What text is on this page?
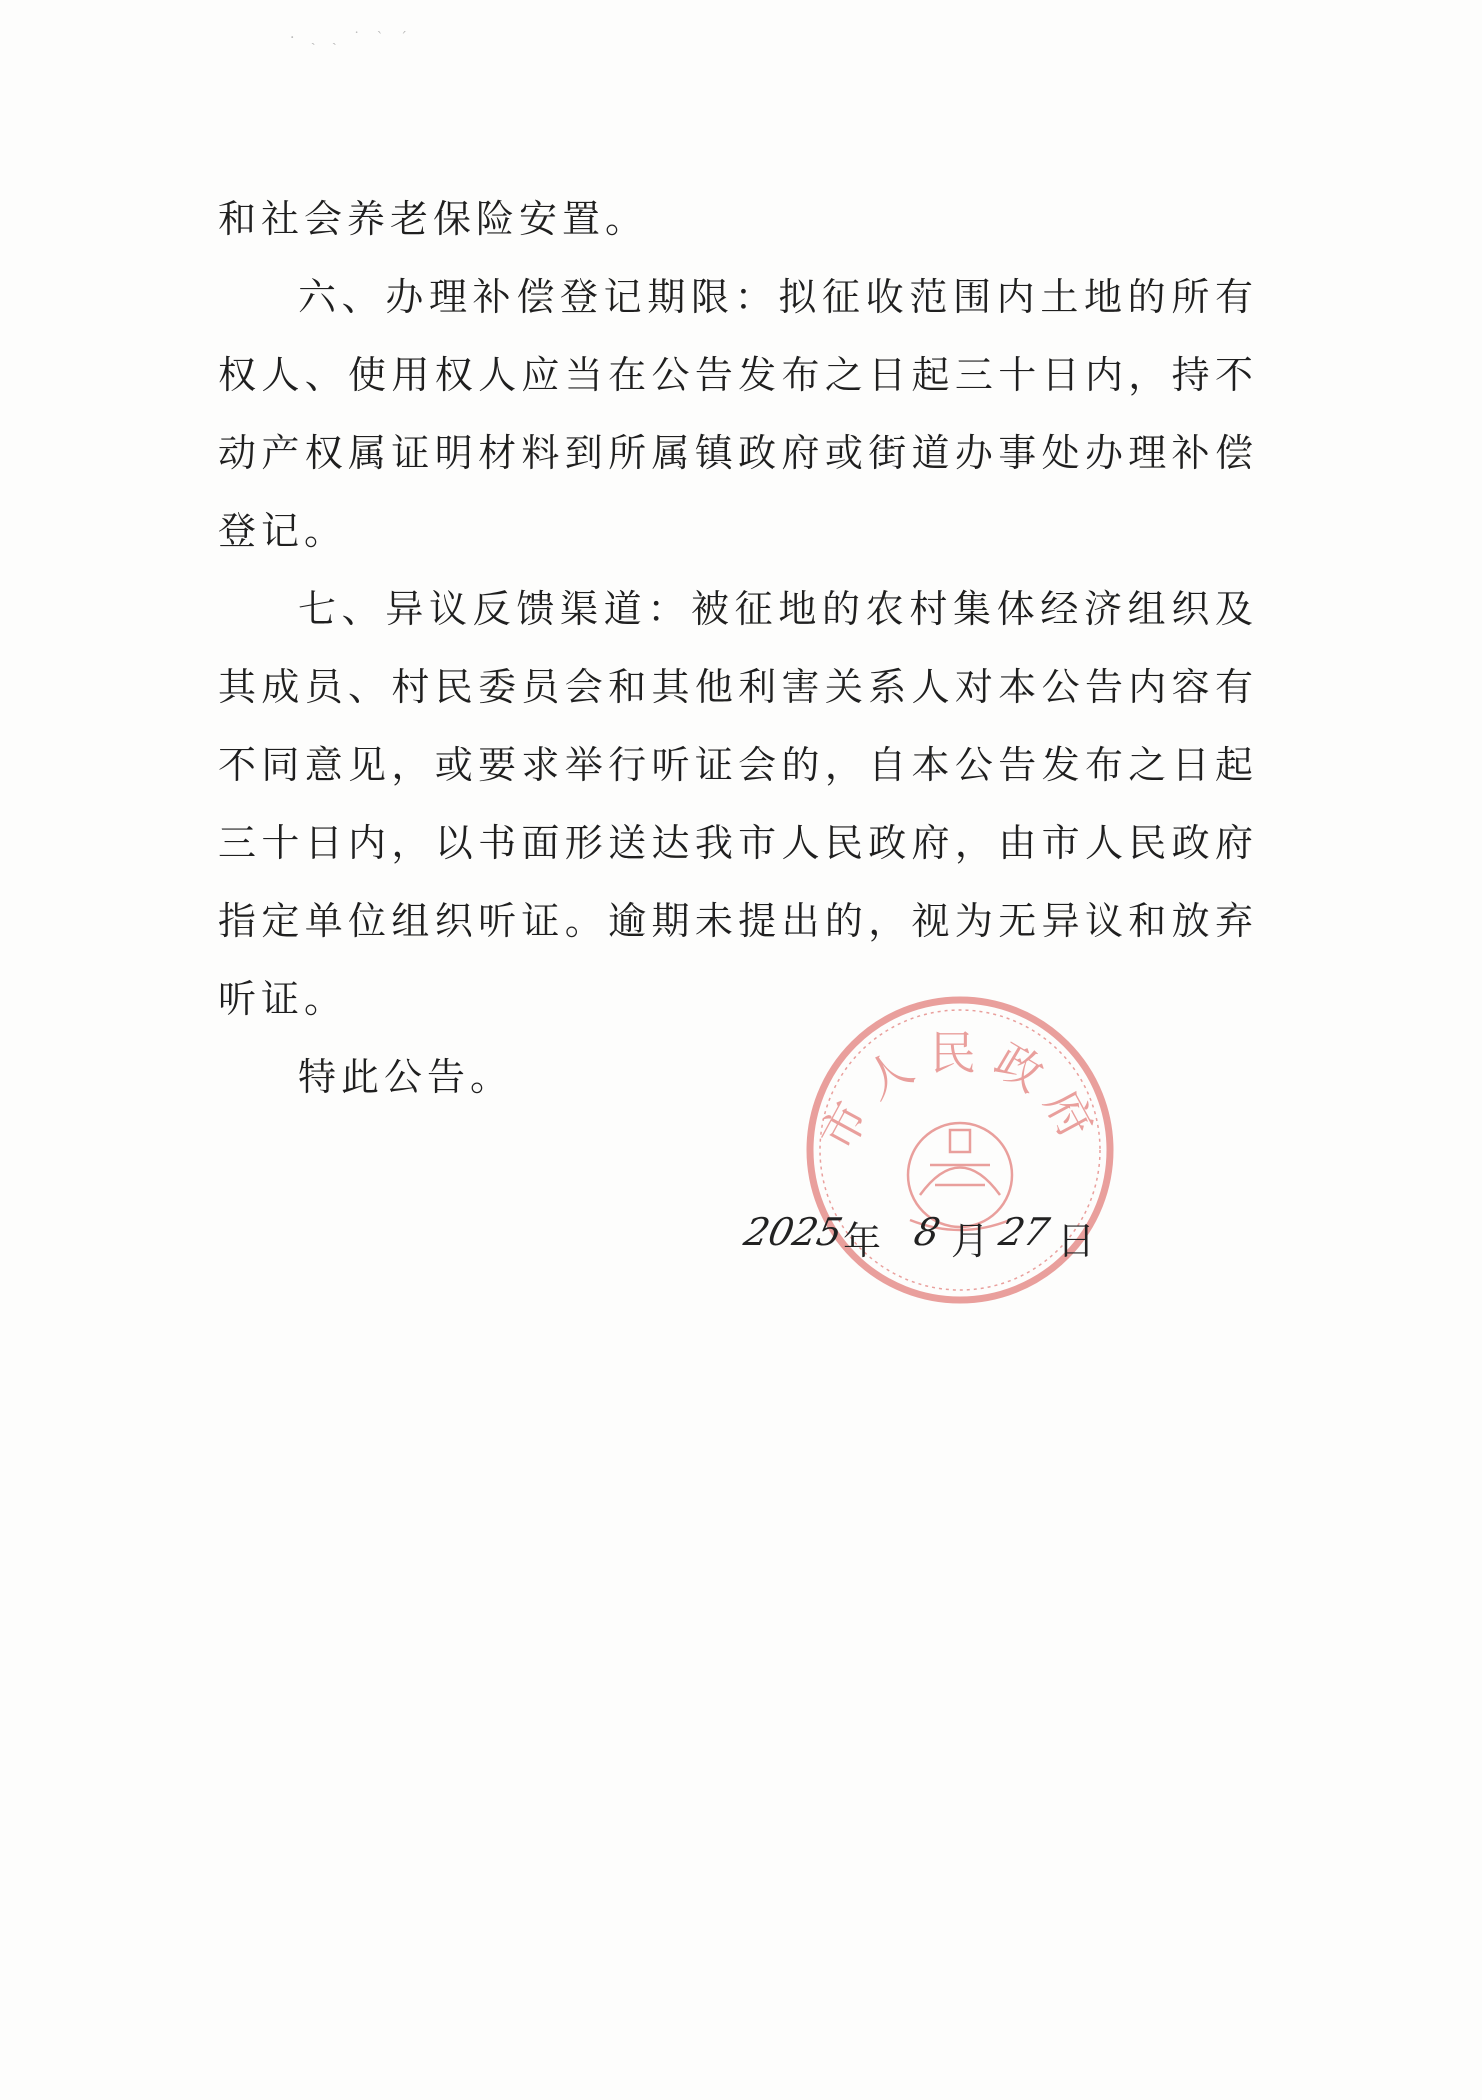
· ˎ ˏ ˙ ˋ ˊ

和社会养老保险安置。

六、办理补偿登记期限：拟征收范围内土地的所有权人、使用权人应当在公告发布之日起三十日内，持不动产权属证明材料到所属镇政府或街道办事处办理补偿登记。

七、异议反馈渠道：被征地的农村集体经济组织及其成员、村民委员会和其他利害关系人对本公告内容有不同意见，或要求举行听证会的，自本公告发布之日起三十日内，以书面形送达我市人民政府，由市人民政府指定单位组织听证。逾期未提出的，视为无异议和放弃听证。

特此公告。

市人民政府
2025
年 8 月 27 日
